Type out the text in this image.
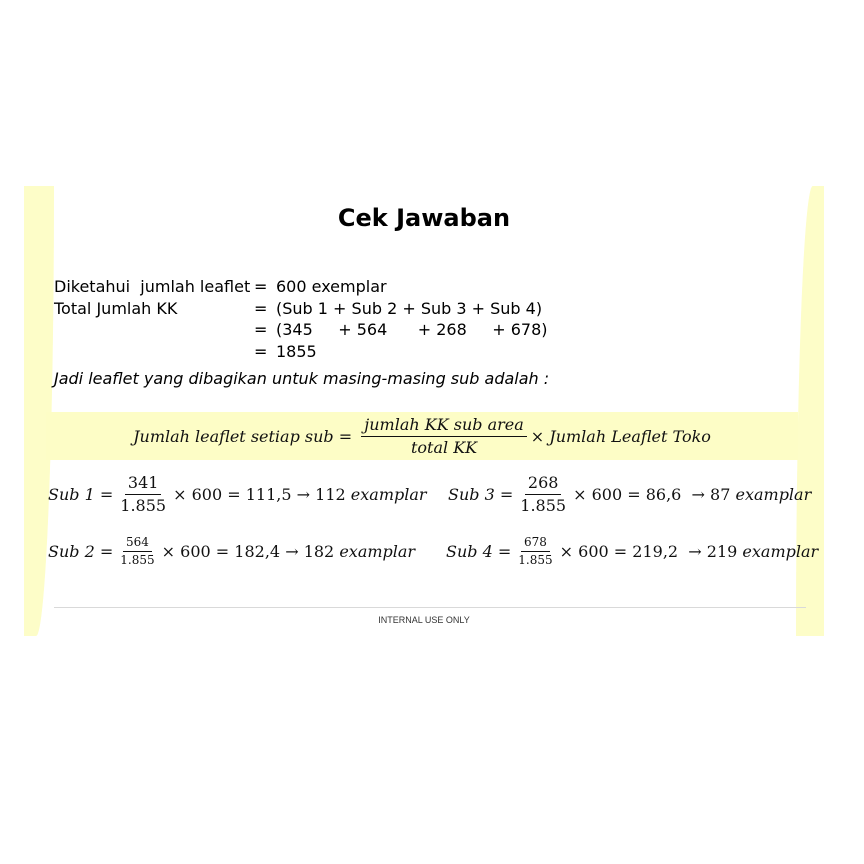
Cek Jawaban
Diketahui  jumlah leaflet = 600 exemplar
Total Jumlah KK	= (Sub 1 + Sub 2 + Sub 3 + Sub 4)
= (345     + 564      + 268     + 678)
= 1855
Jadi leaflet yang dibagikan untuk masing-masing sub adalah :
Jumlah leaflet setiap sub = $\frac{\text{jumlah KK sub area}}{\text{total KK}}$ ×
Jumlah Leaflet Toko
Sub 1
= $\frac{341}{1.855}$ ×
600
=
111,5
→
112
examplar Sub 3
= $\frac{268}{1.855}$ ×
600
=
86,6
→
87
examplar
Sub 2
= $\frac{564}{1.855}$ ×
600
=
182,4
→
182
examplar Sub 4
= $\frac{678}{1.855}$ ×
600
=
219,2
→
219
examplar
INTERNAL USE ONLY
